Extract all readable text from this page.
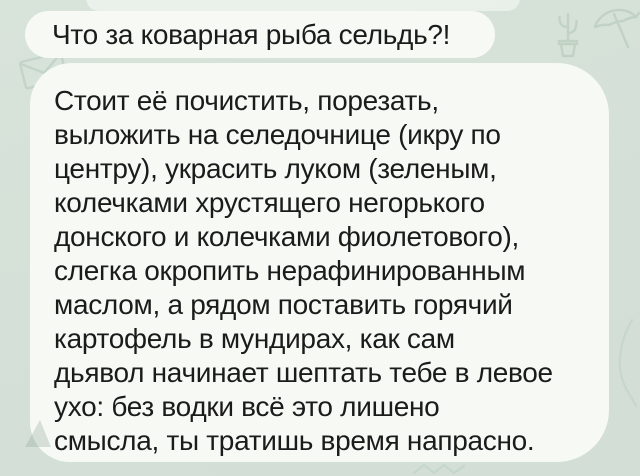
Что за коварная рыба сельдь?!
Стоит её почистить, порезать,
выложить на селедочнице (икру по
центру), украсить луком (зеленым,
колечками хрустящего негорького
донского и колечками фиолетового),
слегка окропить нерафинированным
маслом, а рядом поставить горячий
картофель в мундирах, как сам
дьявол начинает шептать тебе в левое
ухо: без водки всё это лишено
смысла, ты тратишь время напрасно.
